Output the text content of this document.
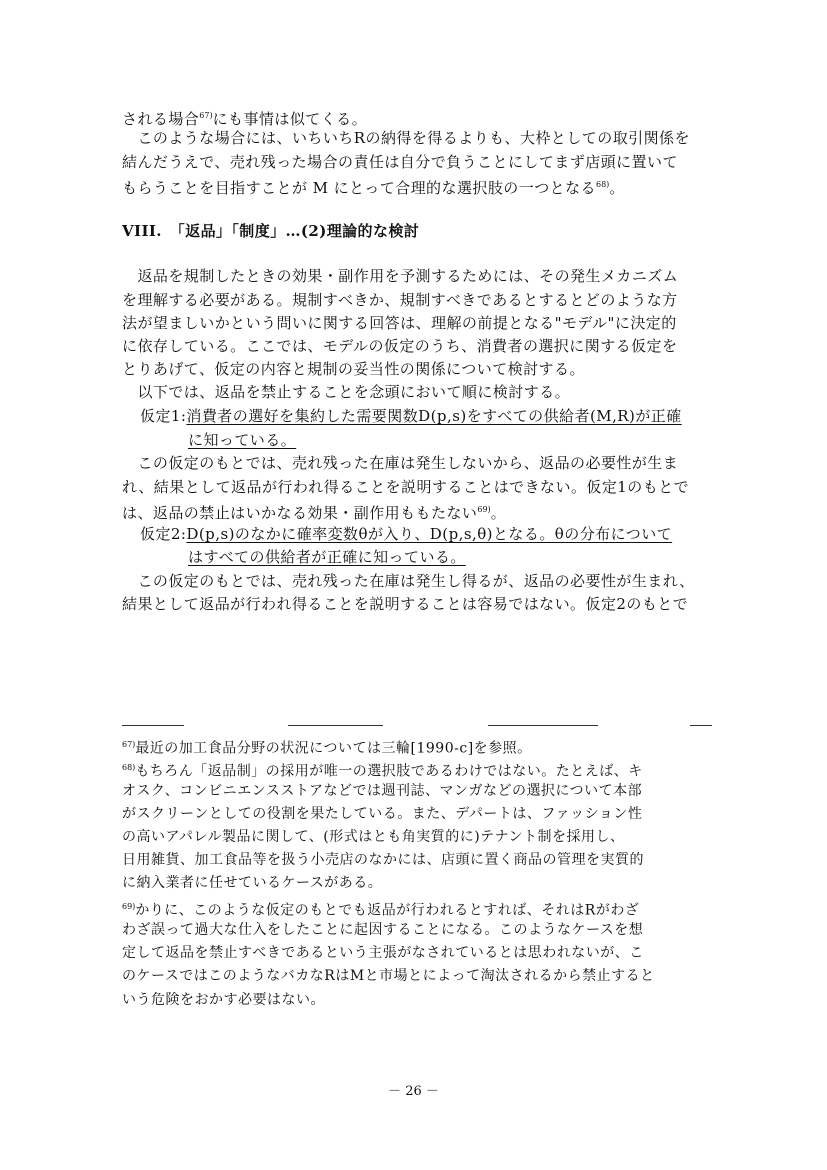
される場合$^{67)}$にも事情は似てくる。
　このような場合には、いちいちRの納得を得るよりも、大枠としての取引関係を
結んだうえで、売れ残った場合の責任は自分で負うことにしてまず店頭に置いて
もらうことを目指すことが M にとって合理的な選択肢の一つとなる$^{68)}$。
VIII.　「返品」「制度」…(2)理論的な検討
　返品を規制したときの効果・副作用を予測するためには、その発生メカニズム
を理解する必要がある。規制すべきか、規制すべきであるとするとどのような方
法が望ましいかという問いに関する回答は、理解の前提となる"モデル"に決定的
に依存している。ここでは、モデルの仮定のうち、消費者の選択に関する仮定を
とりあげて、仮定の内容と規制の妥当性の関係について検討する。
　以下では、返品を禁止することを念頭において順に検討する。
仮定1:消費者の選好を集約した需要関数D(p,s)をすべての供給者(M,R)が正確
に知っている。
　この仮定のもとでは、売れ残った在庫は発生しないから、返品の必要性が生ま
れ、結果として返品が行われ得ることを説明することはできない。仮定1のもとで
は、返品の禁止はいかなる効果・副作用ももたない$^{69)}$。
仮定2:D(p,s)のなかに確率変数θが入り、D(p,s,θ)となる。θの分布について
はすべての供給者が正確に知っている。
　この仮定のもとでは、売れ残った在庫は発生し得るが、返品の必要性が生まれ、
結果として返品が行われ得ることを説明することは容易ではない。仮定2のもとで
$^{67)}$最近の加工食品分野の状況については三輪[1990-c]を参照。
$^{68)}$もちろん「返品制」の採用が唯一の選択肢であるわけではない。たとえば、キ
オスク、コンビニエンスストアなどでは週刊誌、マンガなどの選択について本部
がスクリーンとしての役割を果たしている。また、デパートは、ファッション性
の高いアパレル製品に関して、(形式はとも角実質的に)テナント制を採用し、
日用雑貨、加工食品等を扱う小売店のなかには、店頭に置く商品の管理を実質的
に納入業者に任せているケースがある。
$^{69)}$かりに、このような仮定のもとでも返品が行われるとすれば、それはRがわざ
わざ誤って過大な仕入をしたことに起因することになる。このようなケースを想
定して返品を禁止すべきであるという主張がなされているとは思われないが、こ
のケースではこのようなバカなRはMと市場とによって淘汰されるから禁止すると
いう危険をおかす必要はない。
－ 26 －
